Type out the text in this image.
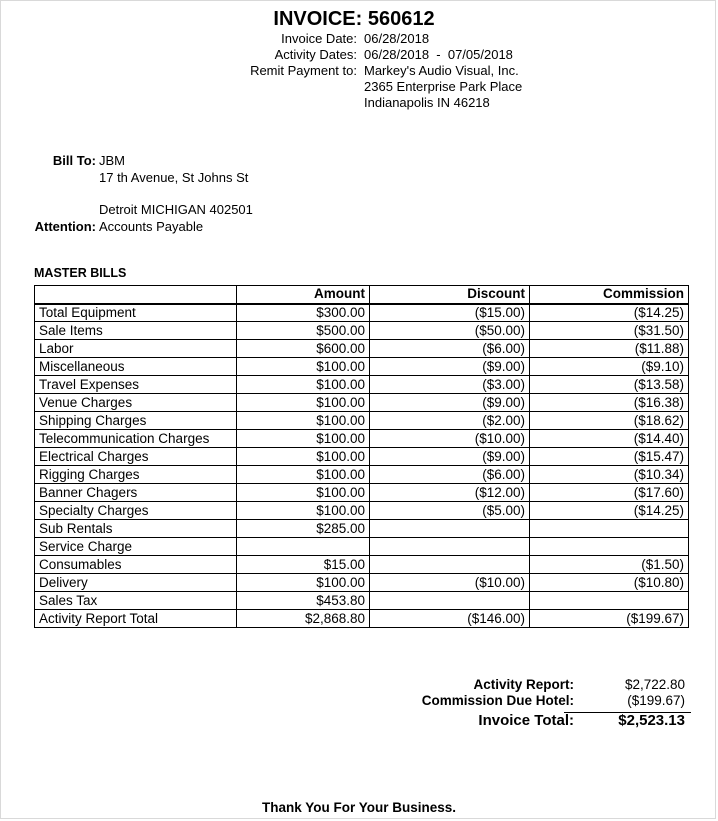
INVOICE: 560612
Invoice Date: 06/28/2018
Activity Dates: 06/28/2018  -  07/05/2018
Remit Payment to: Markey's Audio Visual, Inc.
2365 Enterprise Park Place
Indianapolis IN 46218
Bill To: JBM
17 th Avenue, St Johns St
Detroit MICHIGAN 402501
Attention: Accounts Payable
MASTER BILLS
	Amount	Discount	Commission
Total Equipment	$300.00	($15.00)	($14.25)
Sale Items	$500.00	($50.00)	($31.50)
Labor	$600.00	($6.00)	($11.88)
Miscellaneous	$100.00	($9.00)	($9.10)
Travel Expenses	$100.00	($3.00)	($13.58)
Venue Charges	$100.00	($9.00)	($16.38)
Shipping Charges	$100.00	($2.00)	($18.62)
Telecommunication Charges	$100.00	($10.00)	($14.40)
Electrical Charges	$100.00	($9.00)	($15.47)
Rigging Charges	$100.00	($6.00)	($10.34)
Banner Chagers	$100.00	($12.00)	($17.60)
Specialty Charges	$100.00	($5.00)	($14.25)
Sub Rentals	$285.00		
Service Charge			
Consumables	$15.00		($1.50)
Delivery	$100.00	($10.00)	($10.80)
Sales Tax	$453.80		
Activity Report Total	$2,868.80	($146.00)	($199.67)
Activity Report:	$2,722.80
Commission Due Hotel:	($199.67)
Invoice Total:	$2,523.13
Thank You For Your Business.
